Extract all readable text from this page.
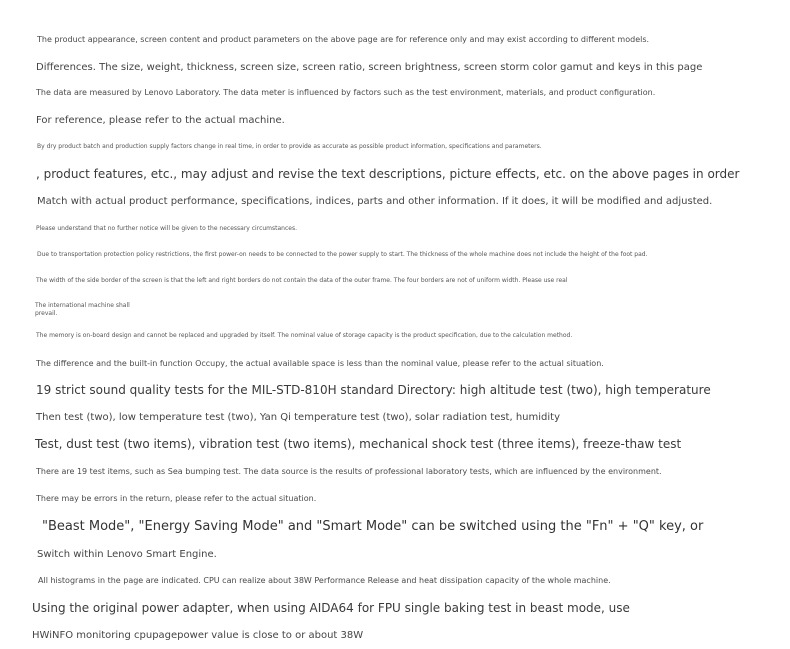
The product appearance, screen content and product parameters on the above page are for reference only and may exist according to different models.
Differences. The size, weight, thickness, screen size, screen ratio, screen brightness, screen storm color gamut and keys in this page
The data are measured by Lenovo Laboratory. The data meter is influenced by factors such as the test environment, materials, and product configuration.
For reference, please refer to the actual machine.
By dry product batch and production supply factors change in real time, in order to provide as accurate as possible product information, specifications and parameters.
, product features, etc., may adjust and revise the text descriptions, picture effects, etc. on the above pages in order
Match with actual product performance, specifications, indices, parts and other information. If it does, it will be modified and adjusted.
Please understand that no further notice will be given to the necessary circumstances.
Due to transportation protection policy restrictions, the first power-on needs to be connected to the power supply to start. The thickness of the whole machine does not include the height of the foot pad.
The width of the side border of the screen is that the left and right borders do not contain the data of the outer frame. The four borders are not of uniform width. Please use real
The international machine shall
prevail.
The memory is on-board design and cannot be replaced and upgraded by itself. The nominal value of storage capacity is the product specification, due to the calculation method.
The difference and the built-in function Occupy, the actual available space is less than the nominal value, please refer to the actual situation.
19 strict sound quality tests for the MIL-STD-810H standard Directory: high altitude test (two), high temperature
Then test (two), low temperature test (two), Yan Qi temperature test (two), solar radiation test, humidity
Test, dust test (two items), vibration test (two items), mechanical shock test (three items), freeze-thaw test
There are 19 test items, such as Sea bumping test. The data source is the results of professional laboratory tests, which are influenced by the environment.
There may be errors in the return, please refer to the actual situation.
"Beast Mode", "Energy Saving Mode" and "Smart Mode" can be switched using the "Fn" + "Q" key, or
Switch within Lenovo Smart Engine.
All histograms in the page are indicated. CPU can realize about 38W Performance Release and heat dissipation capacity of the whole machine.
Using the original power adapter, when using AIDA64 for FPU single baking test in beast mode, use
HWiNFO monitoring cpupagepower value is close to or about 38W
